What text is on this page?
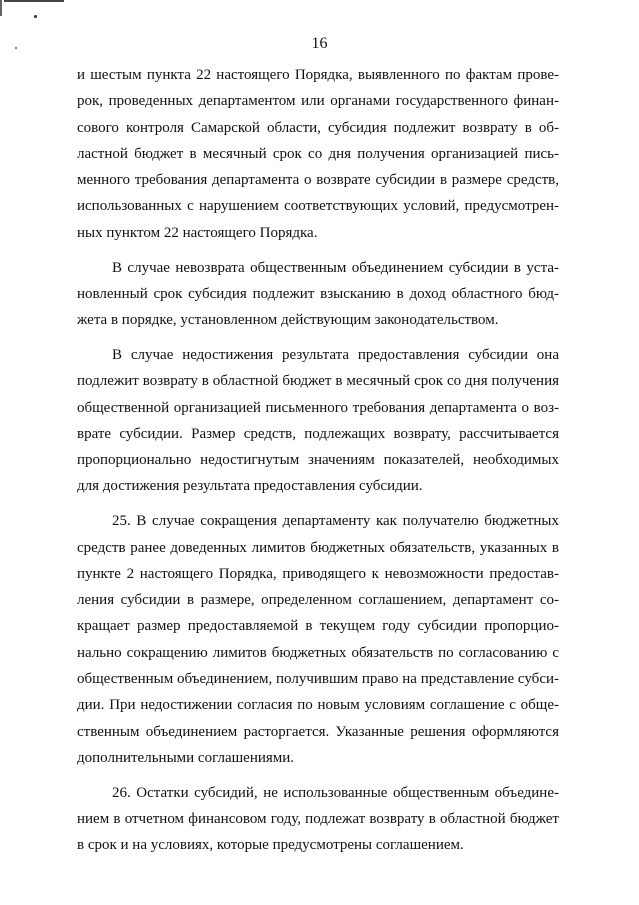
16

и шестым пункта 22 настоящего Порядка, выявленного по фактам прове-
рок, проведенных департаментом или органами государственного финан-
сового контроля Самарской области, субсидия подлежит возврату в об-
ластной бюджет в месячный срок со дня получения организацией пись-
менного требования департамента о возврате субсидии в размере средств,
использованных с нарушением соответствующих условий, предусмотрен-
ных пунктом 22 настоящего Порядка.

В случае невозврата общественным объединением субсидии в уста-
новленный срок субсидия подлежит взысканию в доход областного бюд-
жета в порядке, установленном действующим законодательством.

В случае недостижения результата предоставления субсидии она
подлежит возврату в областной бюджет в месячный срок со дня получения
общественной организацией письменного требования департамента о воз-
врате субсидии. Размер средств, подлежащих возврату, рассчитывается
пропорционально недостигнутым значениям показателей, необходимых
для достижения результата предоставления субсидии.

25. В случае сокращения департаменту как получателю бюджетных
средств ранее доведенных лимитов бюджетных обязательств, указанных в
пункте 2 настоящего Порядка, приводящего к невозможности предостав-
ления субсидии в размере, определенном соглашением, департамент со-
кращает размер предоставляемой в текущем году субсидии пропорцио-
нально сокращению лимитов бюджетных обязательств по согласованию с
общественным объединением, получившим право на представление субси-
дии. При недостижении согласия по новым условиям соглашение с обще-
ственным объединением расторгается. Указанные решения оформляются
дополнительными соглашениями.

26. Остатки субсидий, не использованные общественным объедине-
нием в отчетном финансовом году, подлежат возврату в областной бюджет
в срок и на условиях, которые предусмотрены соглашением.
